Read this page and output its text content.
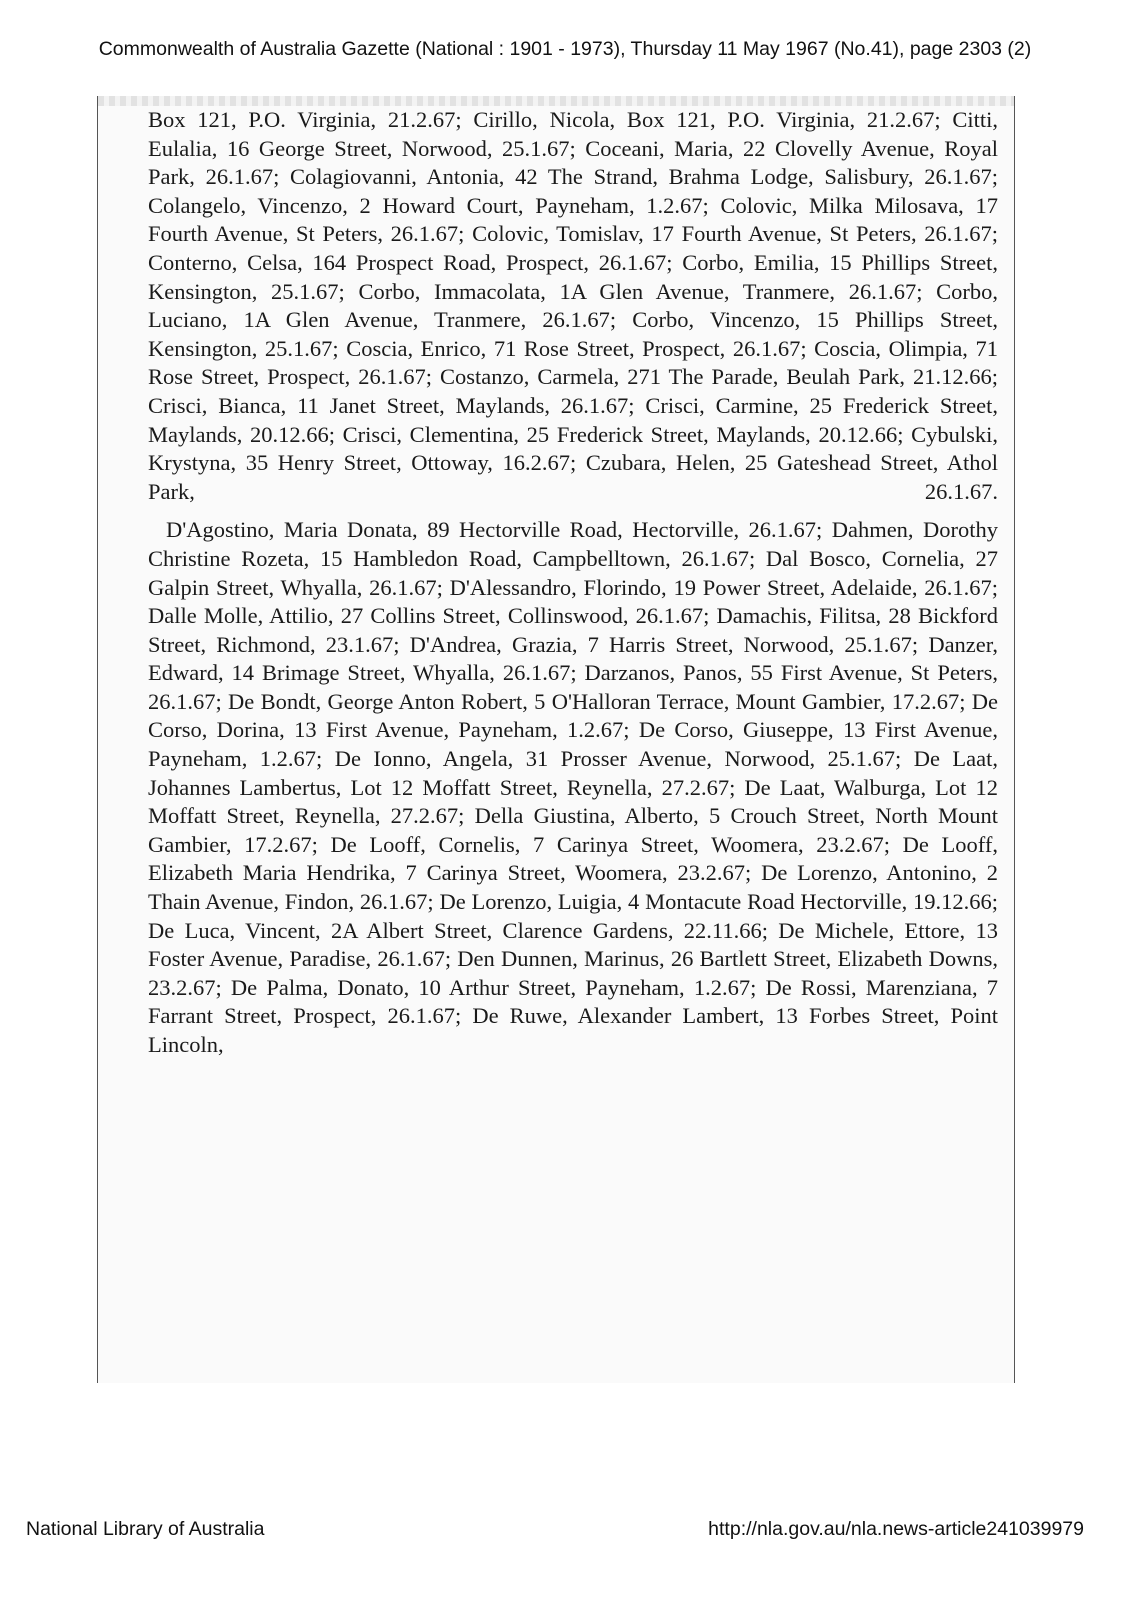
Commonwealth of Australia Gazette (National : 1901 - 1973), Thursday 11 May 1967 (No.41), page 2303 (2)

Box 121, P.O. Virginia, 21.2.67; Cirillo, Nicola, Box 121, P.O. Virginia, 21.2.67; Citti, Eulalia, 16 George Street, Norwood, 25.1.67; Coceani, Maria, 22 Clovelly Avenue, Royal Park, 26.1.67; Colagiovanni, Antonia, 42 The Strand, Brahma Lodge, Salisbury, 26.1.67; Colangelo, Vincenzo, 2 Howard Court, Payneham, 1.2.67; Colovic, Milka Milosava, 17 Fourth Avenue, St Peters, 26.1.67; Colovic, Tomislav, 17 Fourth Avenue, St Peters, 26.1.67; Conterno, Celsa, 164 Prospect Road, Prospect, 26.1.67; Corbo, Emilia, 15 Phillips Street, Kensington, 25.1.67; Corbo, Immacolata, 1A Glen Avenue, Tranmere, 26.1.67; Corbo, Luciano, 1A Glen Avenue, Tranmere, 26.1.67; Corbo, Vincenzo, 15 Phillips Street, Kensington, 25.1.67; Coscia, Enrico, 71 Rose Street, Prospect, 26.1.67; Coscia, Olimpia, 71 Rose Street, Prospect, 26.1.67; Costanzo, Carmela, 271 The Parade, Beulah Park, 21.12.66; Crisci, Bianca, 11 Janet Street, Maylands, 26.1.67; Crisci, Carmine, 25 Frederick Street, Maylands, 20.12.66; Crisci, Clementina, 25 Frederick Street, Maylands, 20.12.66; Cybulski, Krystyna, 35 Henry Street, Ottoway, 16.2.67; Czubara, Helen, 25 Gateshead Street, Athol Park, 26.1.67.

D'Agostino, Maria Donata, 89 Hectorville Road, Hectorville, 26.1.67; Dahmen, Dorothy Christine Rozeta, 15 Hambledon Road, Campbelltown, 26.1.67; Dal Bosco, Cornelia, 27 Galpin Street, Whyalla, 26.1.67; D'Alessandro, Florindo, 19 Power Street, Adelaide, 26.1.67; Dalle Molle, Attilio, 27 Collins Street, Collinswood, 26.1.67; Damachis, Filitsa, 28 Bickford Street, Richmond, 23.1.67; D'Andrea, Grazia, 7 Harris Street, Norwood, 25.1.67; Danzer, Edward, 14 Brimage Street, Whyalla, 26.1.67; Darzanos, Panos, 55 First Avenue, St Peters, 26.1.67; De Bondt, George Anton Robert, 5 O'Halloran Terrace, Mount Gambier, 17.2.67; De Corso, Dorina, 13 First Avenue, Payneham, 1.2.67; De Corso, Giuseppe, 13 First Avenue, Payneham, 1.2.67; De Ionno, Angela, 31 Prosser Avenue, Norwood, 25.1.67; De Laat, Johannes Lambertus, Lot 12 Moffatt Street, Reynella, 27.2.67; De Laat, Walburga, Lot 12 Moffatt Street, Reynella, 27.2.67; Della Giustina, Alberto, 5 Crouch Street, North Mount Gambier, 17.2.67; De Looff, Cornelis, 7 Carinya Street, Woomera, 23.2.67; De Looff, Elizabeth Maria Hendrika, 7 Carinya Street, Woomera, 23.2.67; De Lorenzo, Antonino, 2 Thain Avenue, Findon, 26.1.67; De Lorenzo, Luigia, 4 Montacute Road Hectorville, 19.12.66; De Luca, Vincent, 2A Albert Street, Clarence Gardens, 22.11.66; De Michele, Ettore, 13 Foster Avenue, Paradise, 26.1.67; Den Dunnen, Marinus, 26 Bartlett Street, Elizabeth Downs, 23.2.67; De Palma, Donato, 10 Arthur Street, Payneham, 1.2.67; De Rossi, Marenziana, 7 Farrant Street, Prospect, 26.1.67; De Ruwe, Alexander Lambert, 13 Forbes Street, Point Lincoln,

National Library of Australia	http://nla.gov.au/nla.news-article241039979
